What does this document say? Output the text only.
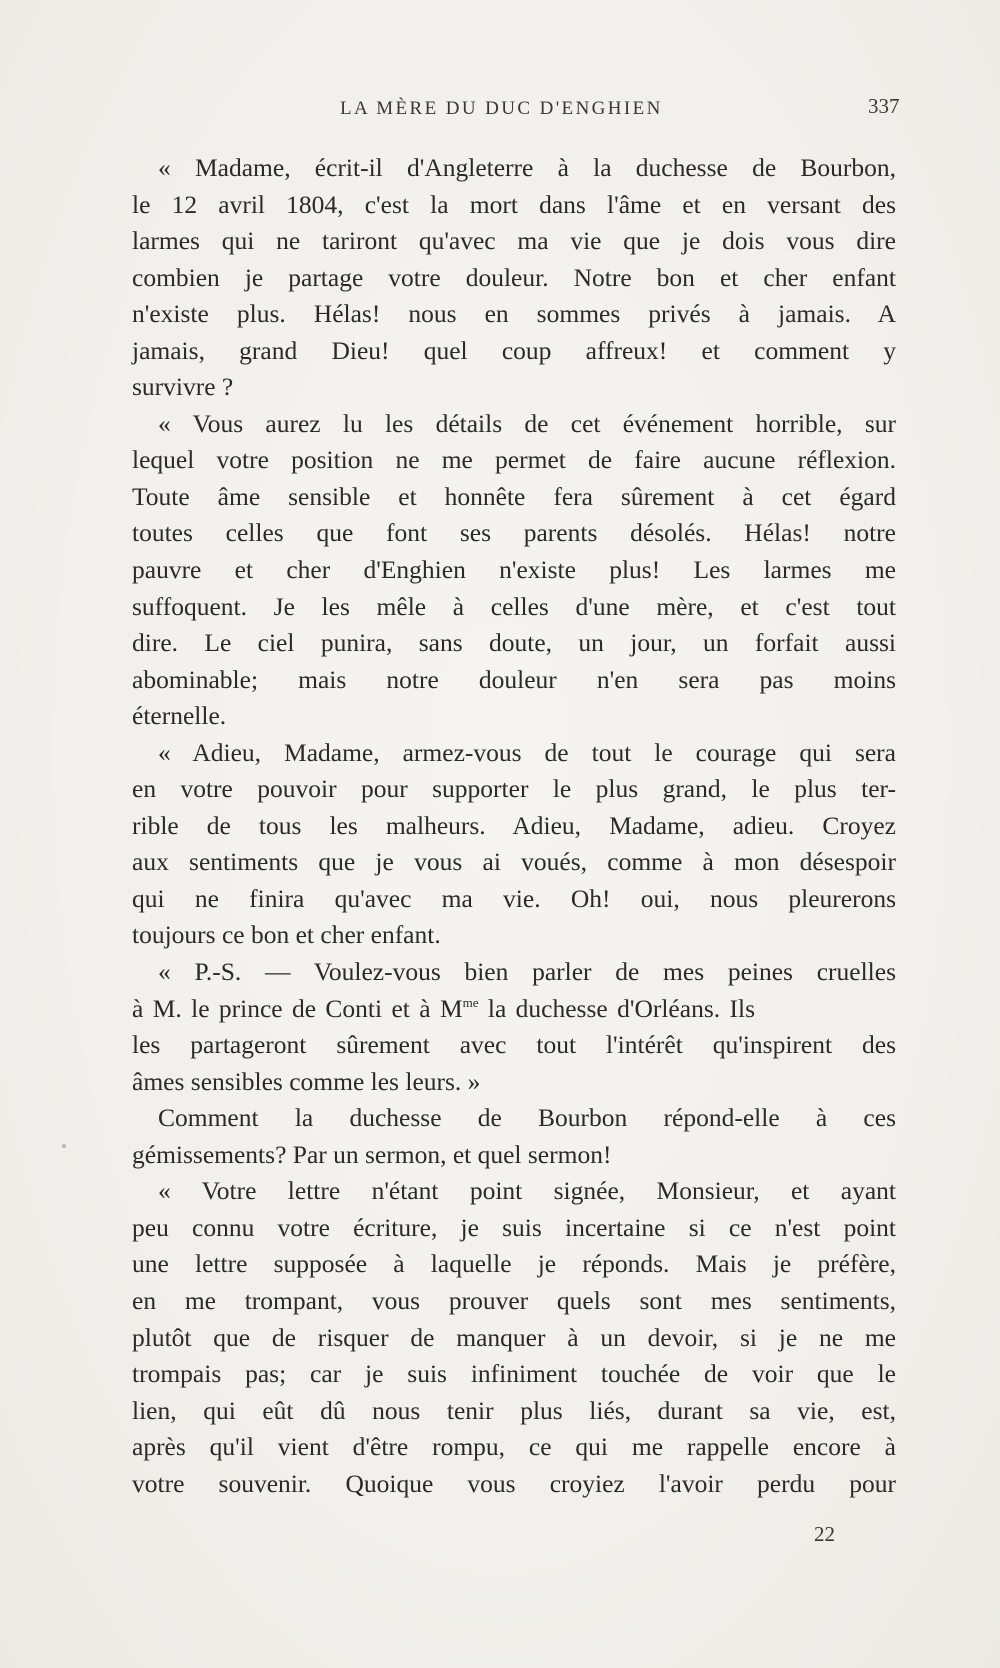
LA MÈRE DU DUC D'ENGHIEN	337
« Madame, écrit-il d'Angleterre à la duchesse de Bourbon,
le 12 avril 1804, c'est la mort dans l'âme et en versant des
larmes qui ne tariront qu'avec ma vie que je dois vous dire
combien je partage votre douleur. Notre bon et cher enfant
n'existe plus. Hélas! nous en sommes privés à jamais. A
jamais, grand Dieu! quel coup affreux! et comment y
survivre ?
« Vous aurez lu les détails de cet événement horrible, sur
lequel votre position ne me permet de faire aucune réflexion.
Toute âme sensible et honnête fera sûrement à cet égard
toutes celles que font ses parents désolés. Hélas! notre
pauvre et cher d'Enghien n'existe plus! Les larmes me
suffoquent. Je les mêle à celles d'une mère, et c'est tout
dire. Le ciel punira, sans doute, un jour, un forfait aussi
abominable; mais notre douleur n'en sera pas moins
éternelle.
« Adieu, Madame, armez-vous de tout le courage qui sera
en votre pouvoir pour supporter le plus grand, le plus ter-
rible de tous les malheurs. Adieu, Madame, adieu. Croyez
aux sentiments que je vous ai voués, comme à mon désespoir
qui ne finira qu'avec ma vie. Oh! oui, nous pleurerons
toujours ce bon et cher enfant.
« P.-S. — Voulez-vous bien parler de mes peines cruelles
à M. le prince de Conti et à $M^{me}$ la duchesse d'Orléans. Ils
les partageront sûrement avec tout l'intérêt qu'inspirent des
âmes sensibles comme les leurs. »
Comment la duchesse de Bourbon répond-elle à ces
gémissements? Par un sermon, et quel sermon!
« Votre lettre n'étant point signée, Monsieur, et ayant
peu connu votre écriture, je suis incertaine si ce n'est point
une lettre supposée à laquelle je réponds. Mais je préfère,
en me trompant, vous prouver quels sont mes sentiments,
plutôt que de risquer de manquer à un devoir, si je ne me
trompais pas; car je suis infiniment touchée de voir que le
lien, qui eût dû nous tenir plus liés, durant sa vie, est,
après qu'il vient d'être rompu, ce qui me rappelle encore à
votre souvenir. Quoique vous croyiez l'avoir perdu pour
22
